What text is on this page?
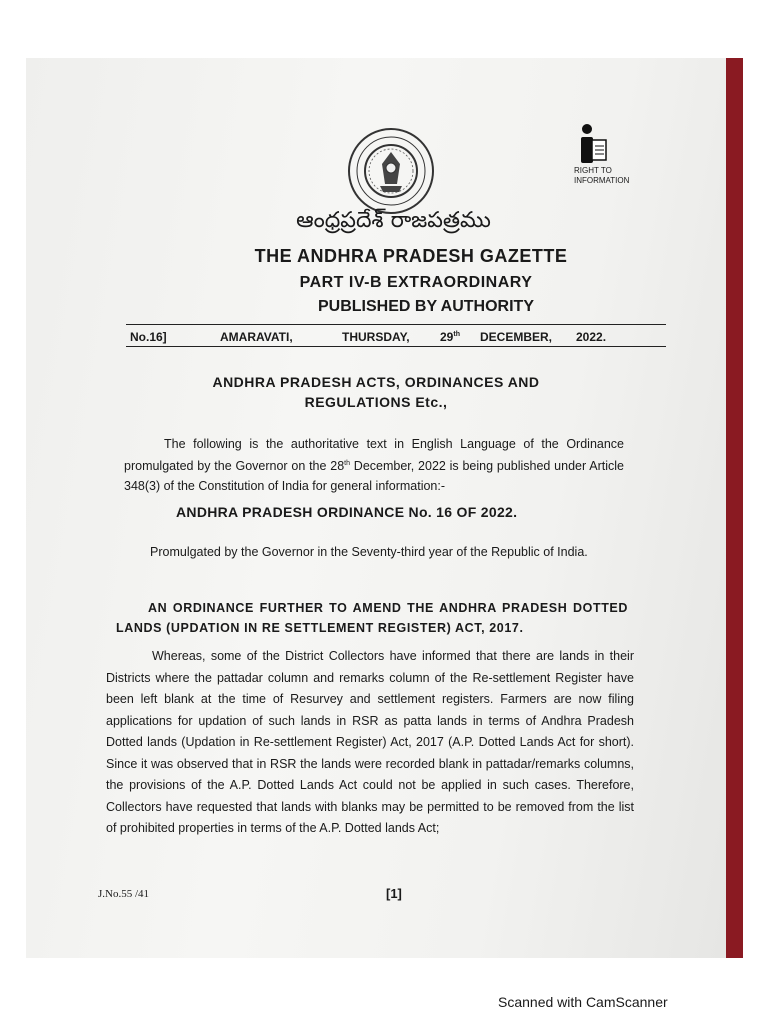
RIGHT TO
INFORMATION
ఆంధ్రప్రదేశ్ రాజపత్రము
THE ANDHRA PRADESH GAZETTE
PART IV-B EXTRAORDINARY
PUBLISHED BY AUTHORITY
No.16]	AMARAVATI,	THURSDAY,	29th DECEMBER, 2022.
ANDHRA PRADESH ACTS, ORDINANCES AND
REGULATIONS Etc.,
The following is the authoritative text in English Language of the Ordinance promulgated by the Governor on the 28th December, 2022 is being published under Article 348(3) of the Constitution of India for general information:-
ANDHRA PRADESH ORDINANCE No. 16 OF 2022.
Promulgated by the Governor in the Seventy-third year of the Republic of India.
AN ORDINANCE FURTHER TO AMEND THE ANDHRA PRADESH DOTTED LANDS (UPDATION IN RE SETTLEMENT REGISTER) ACT, 2017.
Whereas, some of the District Collectors have informed that there are lands in their Districts where the pattadar column and remarks column of the Re-settlement Register have been left blank at the time of Resurvey and settlement registers. Farmers are now filing applications for updation of such lands in RSR as patta lands in terms of Andhra Pradesh Dotted lands (Updation in Re-settlement Register) Act, 2017 (A.P. Dotted Lands Act for short). Since it was observed that in RSR the lands were recorded blank in pattadar/remarks columns, the provisions of the A.P. Dotted Lands Act could not be applied in such cases. Therefore, Collectors have requested that lands with blanks may be permitted to be removed from the list of prohibited properties in terms of the A.P. Dotted lands Act;
J.No.55 /41	[1]
Scanned with CamScanner
